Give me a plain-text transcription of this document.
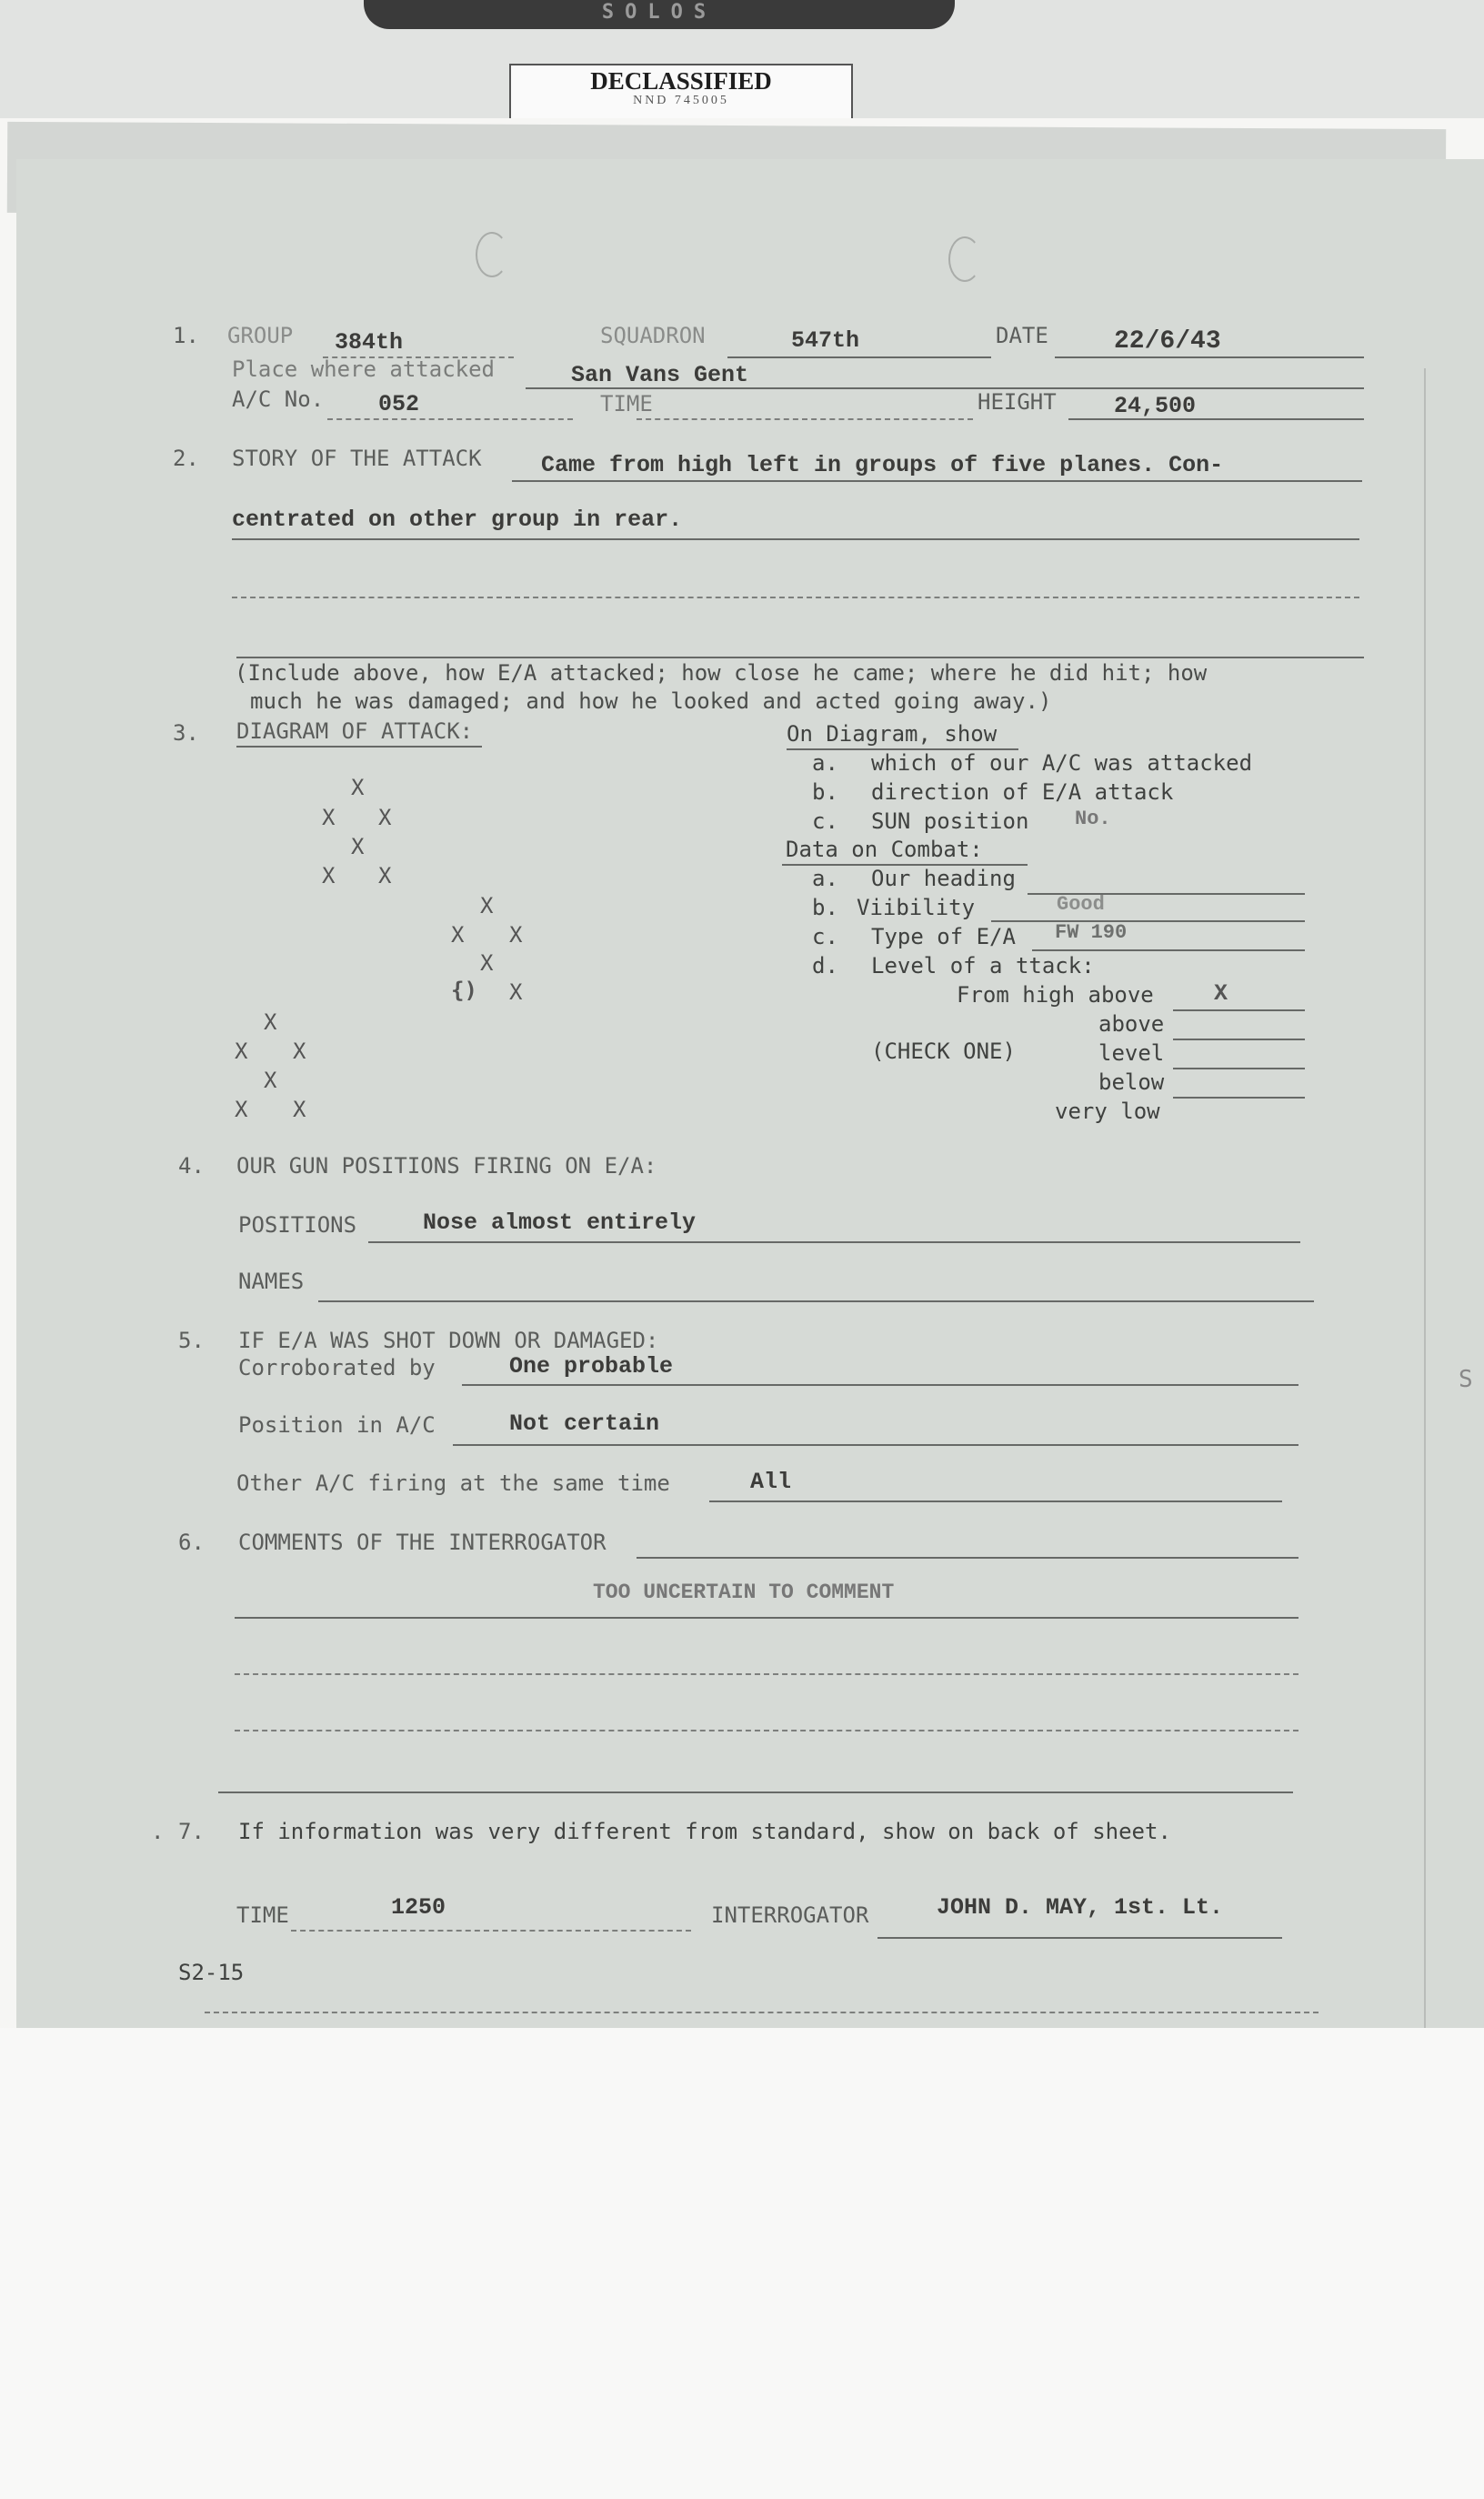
SOLOS
DECLASSIFIED
NND 745005
1. GROUP 384th	SQUADRON	547th	DATE	22/6/43
Place where attacked	San Vans Gent
A/C No. 052	TIME	HEIGHT	24,500
2. STORY OF THE ATTACK	Came from high left in groups of five planes. Con-
centrated on other group in rear.
(Include above, how E/A attacked; how close he came; where he did hit; how
much he was damaged; and how he looked and acted going away.)
3. DIAGRAM OF ATTACK:
X
X X
X
X X
X
X X
X
{) X
X
X X
X
X X
On Diagram, show
a. which of our A/C was attacked
b. direction of E/A attack
c. SUN position No.
Data on Combat:
a. Our heading
b. Viibility	Good
c. Type of E/A FW 190
d. Level of a ttack:
From high above	X
above
(CHECK ONE)	level
below
very low
4. OUR GUN POSITIONS FIRING ON E/A:
POSITIONS	Nose almost entirely
NAMES
5. IF E/A WAS SHOT DOWN OR DAMAGED:
Corroborated by	One probable
Position in A/C	Not certain
Other A/C firing at the same time	All
6. COMMENTS OF THE INTERROGATOR
TOO UNCERTAIN TO COMMENT
. 7. If information was very different from standard, show on back of sheet.
TIME	1250	INTERROGATOR	JOHN D. MAY, 1st. Lt.
S2-15
S
